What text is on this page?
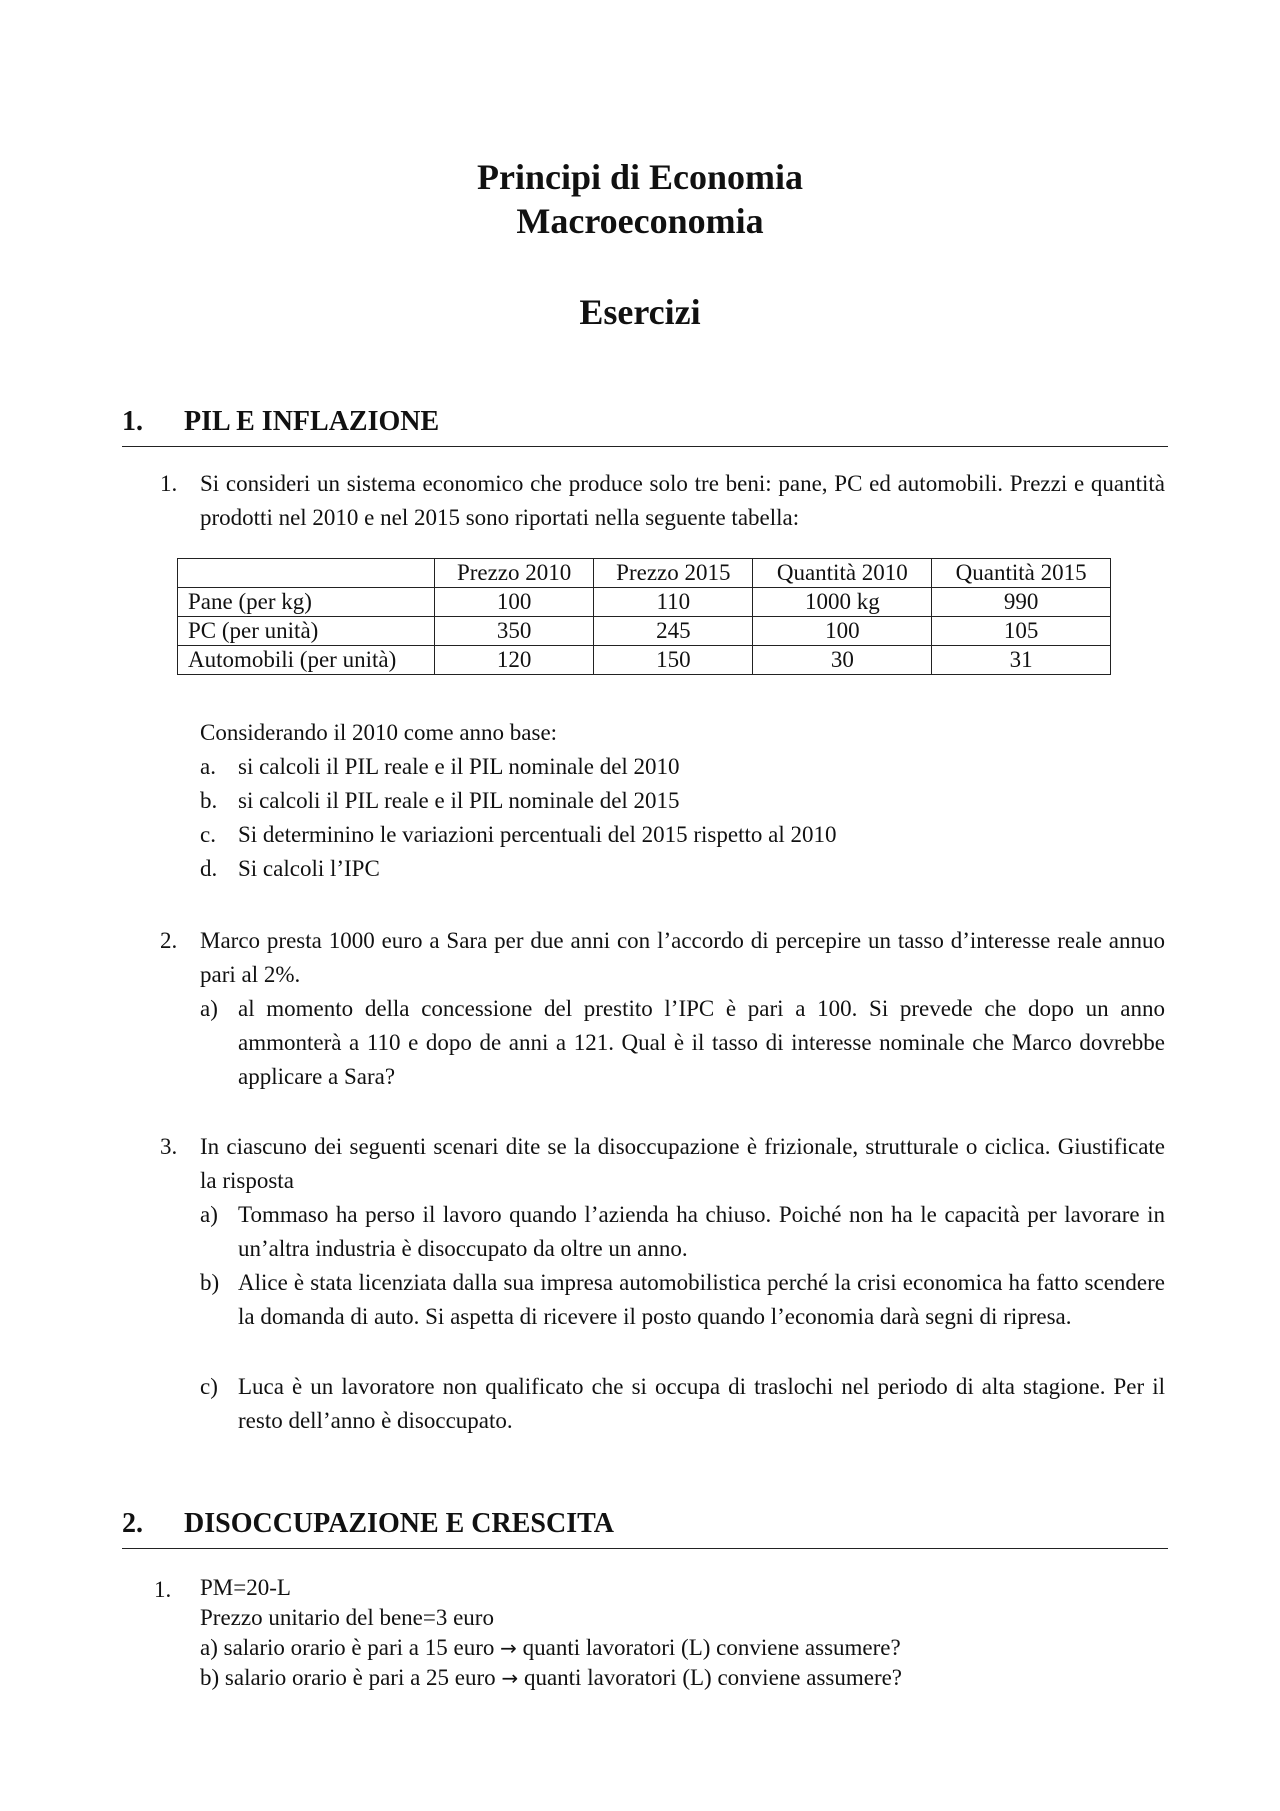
Principi di Economia
Macroeconomia
Esercizi
1. PIL E INFLAZIONE
1. Si consideri un sistema economico che produce solo tre beni: pane, PC ed automobili. Prezzi e quantità prodotti nel 2010 e nel 2015 sono riportati nella seguente tabella:
	Prezzo 2010	Prezzo 2015	Quantità 2010	Quantità 2015
Pane (per kg)	100	110	1000 kg	990
PC (per unità)	350	245	100	105
Automobili (per unità)	120	150	30	31
Considerando il 2010 come anno base:
a. si calcoli il PIL reale e il PIL nominale del 2010
b. si calcoli il PIL reale e il PIL nominale del 2015
c. Si determinino le variazioni percentuali del 2015 rispetto al 2010
d. Si calcoli l’IPC
2. Marco presta 1000 euro a Sara per due anni con l’accordo di percepire un tasso d’interesse reale annuo pari al 2%.
a) al momento della concessione del prestito l’IPC è pari a 100. Si prevede che dopo un anno ammonterà a 110 e dopo de anni a 121. Qual è il tasso di interesse nominale che Marco dovrebbe applicare a Sara?
3. In ciascuno dei seguenti scenari dite se la disoccupazione è frizionale, strutturale o ciclica. Giustificate la risposta
a) Tommaso ha perso il lavoro quando l’azienda ha chiuso. Poiché non ha le capacità per lavorare in un’altra industria è disoccupato da oltre un anno.
b) Alice è stata licenziata dalla sua impresa automobilistica perché la crisi economica ha fatto scendere la domanda di auto. Si aspetta di ricevere il posto quando l’economia darà segni di ripresa.
c) Luca è un lavoratore non qualificato che si occupa di traslochi nel periodo di alta stagione. Per il resto dell’anno è disoccupato.
2. DISOCCUPAZIONE E CRESCITA
1. PM=20-L
Prezzo unitario del bene=3 euro
a) salario orario è pari a 15 euro → quanti lavoratori (L) conviene assumere?
b) salario orario è pari a 25 euro → quanti lavoratori (L) conviene assumere?
